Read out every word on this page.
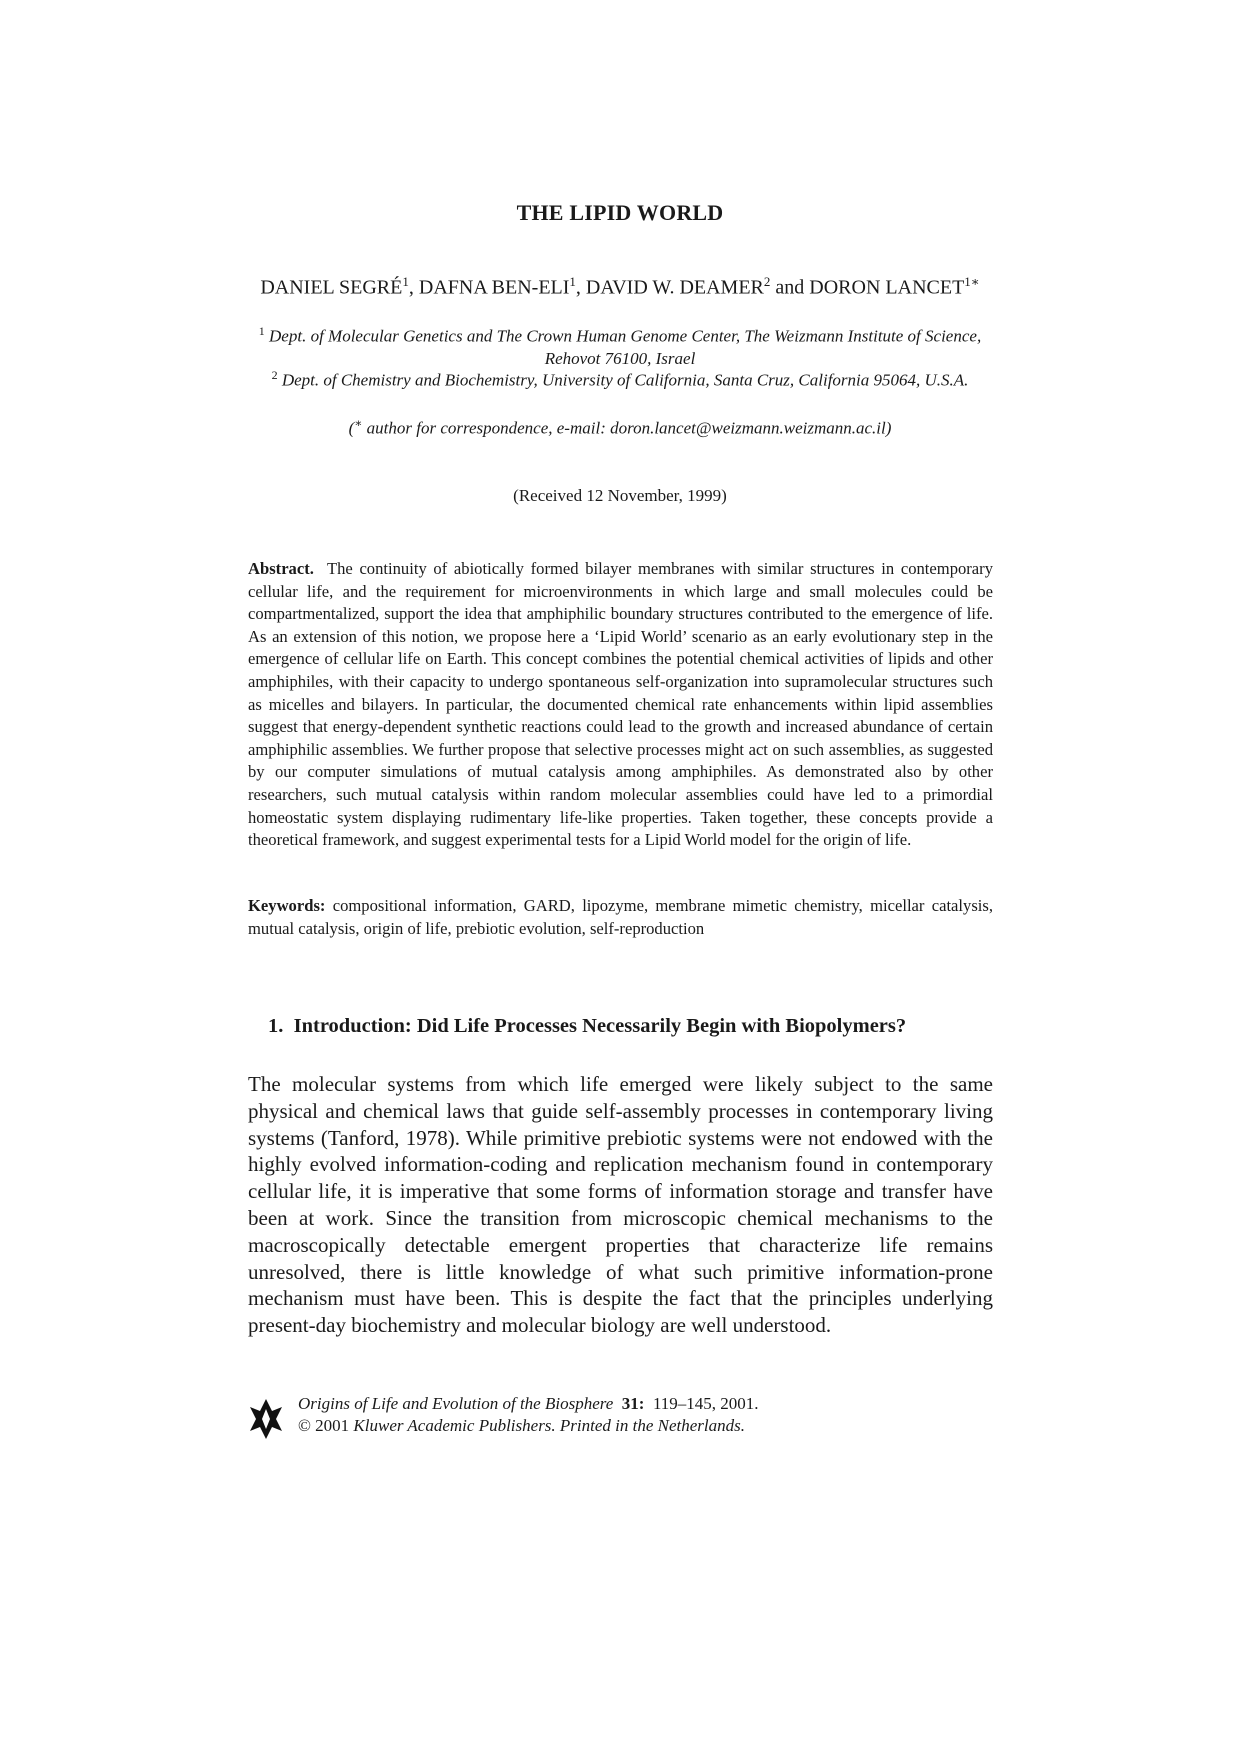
THE LIPID WORLD
DANIEL SEGRÉ$^1$, DAFNA BEN-ELI$^1$, DAVID W. DEAMER$^2$ and DORON $LANCET^{1∗}$
$^1$ Dept. of Molecular Genetics and The Crown Human Genome Center, The Weizmann Institute of Science, Rehovot 76100, Israel
$^2$ Dept. of Chemistry and Biochemistry, University of California, Santa Cruz, California 95064, U.S.A.
(∗ author for correspondence, e-mail: doron.lancet@weizmann.weizmann.ac.il)
(Received 12 November, 1999)
Abstract. The continuity of abiotically formed bilayer membranes with similar structures in contemporary cellular life, and the requirement for microenvironments in which large and small molecules could be compartmentalized, support the idea that amphiphilic boundary structures contributed to the emergence of life. As an extension of this notion, we propose here a ‘Lipid World’ scenario as an early evolutionary step in the emergence of cellular life on Earth. This concept combines the potential chemical activities of lipids and other amphiphiles, with their capacity to undergo spontaneous self-organization into supramolecular structures such as micelles and bilayers. In particular, the documented chemical rate enhancements within lipid assemblies suggest that energy-dependent synthetic reactions could lead to the growth and increased abundance of certain amphiphilic assemblies. We further propose that selective processes might act on such assemblies, as suggested by our computer simulations of mutual catalysis among amphiphiles. As demonstrated also by other researchers, such mutual catalysis within random molecular assemblies could have led to a primordial homeostatic system displaying rudimentary life-like properties. Taken together, these concepts provide a theoretical framework, and suggest experimental tests for a Lipid World model for the origin of life.
Keywords: compositional information, GARD, lipozyme, membrane mimetic chemistry, micellar catalysis, mutual catalysis, origin of life, prebiotic evolution, self-reproduction
1.  Introduction: Did Life Processes Necessarily Begin with Biopolymers?
The molecular systems from which life emerged were likely subject to the same physical and chemical laws that guide self-assembly processes in contemporary living systems (Tanford, 1978). While primitive prebiotic systems were not endowed with the highly evolved information-coding and replication mechanism found in contemporary cellular life, it is imperative that some forms of information storage and transfer have been at work. Since the transition from microscopic chemical mechanisms to the macroscopically detectable emergent properties that characterize life remains unresolved, there is little knowledge of what such primitive information-prone mechanism must have been. This is despite the fact that the principles underlying present-day biochemistry and molecular biology are well understood.
Origins of Life and Evolution of the Biosphere 31: 119–145, 2001.
© 2001 Kluwer Academic Publishers. Printed in the Netherlands.
